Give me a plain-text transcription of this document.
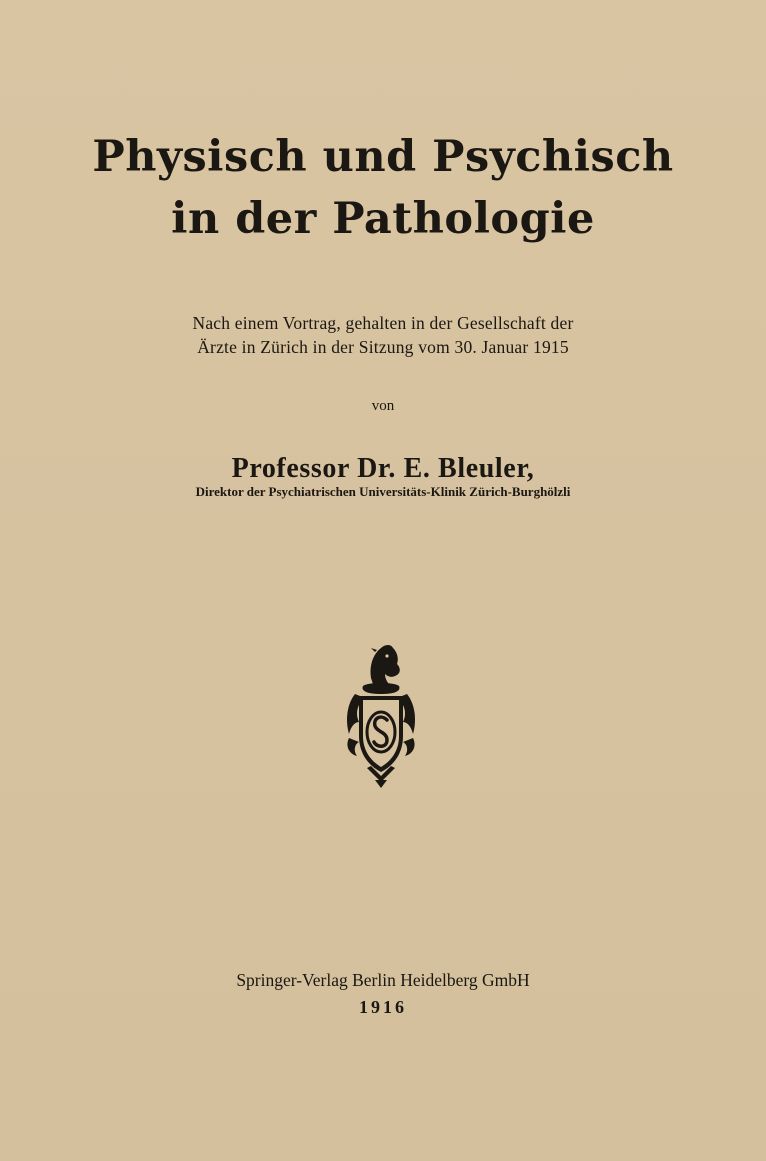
Physisch und Psychisch
in der Pathologie
Nach einem Vortrag, gehalten in der Gesellschaft der
Ärzte in Zürich in der Sitzung vom 30. Januar 1915
von
Professor Dr. E. Bleuler,
Direktor der Psychiatrischen Universitäts-Klinik Zürich-Burghölzli
Springer-Verlag Berlin Heidelberg GmbH
1916
